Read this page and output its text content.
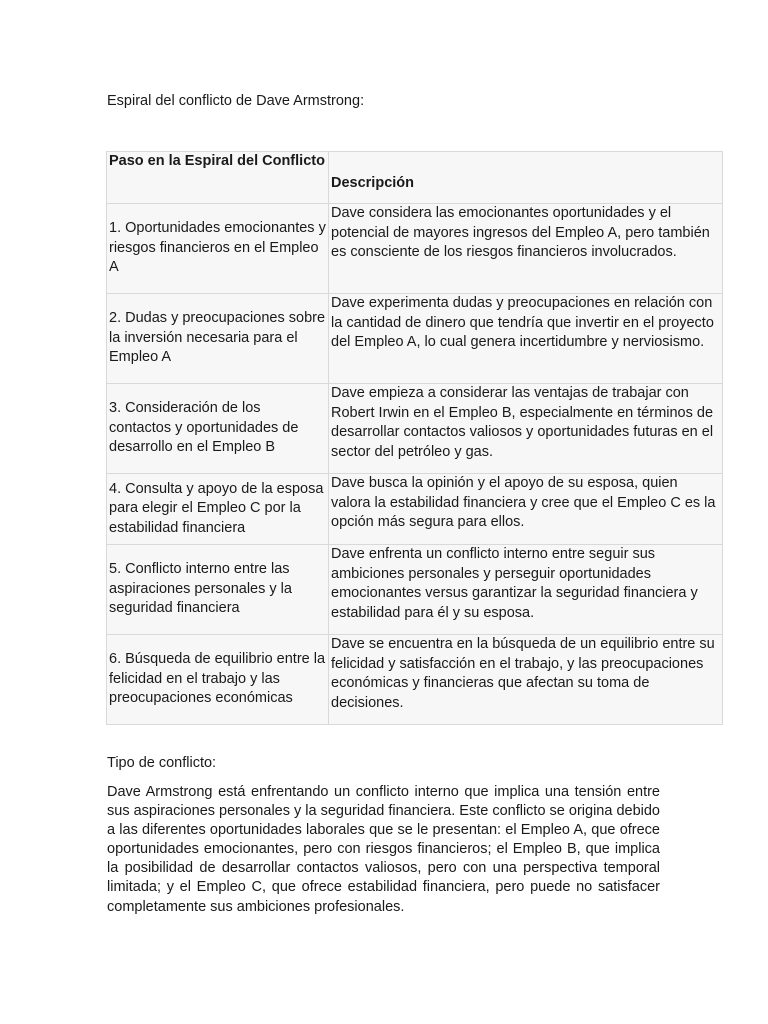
Espiral del conflicto de Dave Armstrong:
Paso en la Espiral del Conflicto	Descripción
1. Oportunidades emocionantes y riesgos financieros en el Empleo A	Dave considera las emocionantes oportunidades y el potencial de mayores ingresos del Empleo A, pero también es consciente de los riesgos financieros involucrados.
2. Dudas y preocupaciones sobre la inversión necesaria para el Empleo A	Dave experimenta dudas y preocupaciones en relación con la cantidad de dinero que tendría que invertir en el proyecto del Empleo A, lo cual genera incertidumbre y nerviosismo.
3. Consideración de los contactos y oportunidades de desarrollo en el Empleo B	Dave empieza a considerar las ventajas de trabajar con Robert Irwin en el Empleo B, especialmente en términos de desarrollar contactos valiosos y oportunidades futuras en el sector del petróleo y gas.
4. Consulta y apoyo de la esposa para elegir el Empleo C por la estabilidad financiera	Dave busca la opinión y el apoyo de su esposa, quien valora la estabilidad financiera y cree que el Empleo C es la opción más segura para ellos.
5. Conflicto interno entre las aspiraciones personales y la seguridad financiera	Dave enfrenta un conflicto interno entre seguir sus ambiciones personales y perseguir oportunidades emocionantes versus garantizar la seguridad financiera y estabilidad para él y su esposa.
6. Búsqueda de equilibrio entre la felicidad en el trabajo y las preocupaciones económicas	Dave se encuentra en la búsqueda de un equilibrio entre su felicidad y satisfacción en el trabajo, y las preocupaciones económicas y financieras que afectan su toma de decisiones.
Tipo de conflicto:

Dave Armstrong está enfrentando un conflicto interno que implica una tensión entre sus aspiraciones personales y la seguridad financiera. Este conflicto se origina debido a las diferentes oportunidades laborales que se le presentan: el Empleo A, que ofrece oportunidades emocionantes, pero con riesgos financieros; el Empleo B, que implica la posibilidad de desarrollar contactos valiosos, pero con una perspectiva temporal limitada; y el Empleo C, que ofrece estabilidad financiera, pero puede no satisfacer completamente sus ambiciones profesionales.
